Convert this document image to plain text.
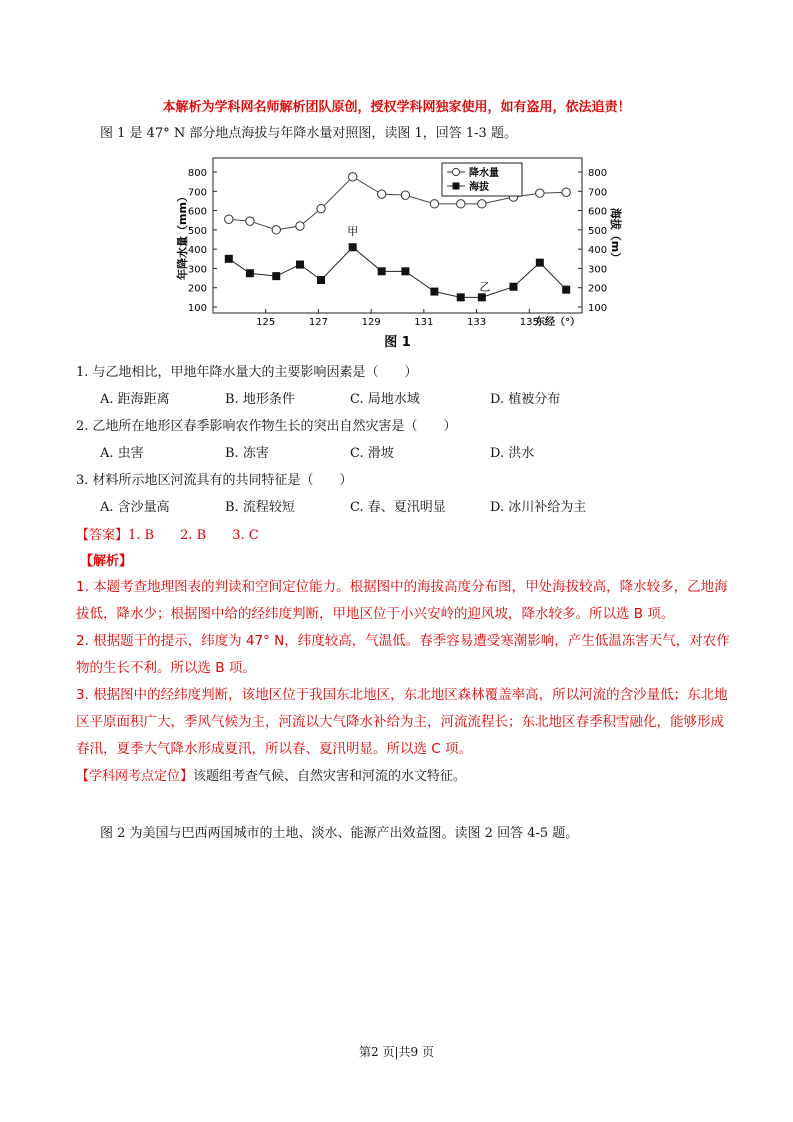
本解析为学科网名师解析团队原创，授权学科网独家使用，如有盗用，依法追责！
图 1 是 47° N 部分地点海拔与年降水量对照图，读图 1，回答 1-3 题。
100	100
200	200
300	300
400	400
500	500
600	600
700	700
800	800
125	127	129	131	133	135
东经（°）
年降水量（mm）	海拔（m）
甲
乙
降水量
海拔
图 1
1. 与乙地相比，甲地年降水量大的主要影响因素是（　　）
A. 距海距离	B. 地形条件	C. 局地水域	D. 植被分布
2. 乙地所在地形区春季影响农作物生长的突出自然灾害是（　　）
A. 虫害	B. 冻害	C. 滑坡	D. 洪水
3. 材料所示地区河流具有的共同特征是（　　）
A. 含沙量高	B. 流程较短	C. 春、夏汛明显	D. 冰川补给为主
【答案】1. B　　2. B　　3. C
【解析】
1. 本题考查地理图表的判读和空间定位能力。根据图中的海拔高度分布图，甲处海拔较高，降水较多，乙地海拔低，降水少；根据图中给的经纬度判断，甲地区位于小兴安岭的迎风坡，降水较多。所以选 B 项。
2. 根据题干的提示，纬度为 47° N，纬度较高，气温低。春季容易遭受寒潮影响，产生低温冻害天气，对农作物的生长不利。所以选 B 项。
3. 根据图中的经纬度判断，该地区位于我国东北地区，东北地区森林覆盖率高，所以河流的含沙量低；东北地区平原面积广大，季风气候为主，河流以大气降水补给为主，河流流程长；东北地区春季积雪融化，能够形成春汛，夏季大气降水形成夏汛，所以春、夏汛明显。所以选 C 项。
【学科网考点定位】该题组考查气候、自然灾害和河流的水文特征。
图 2 为美国与巴西两国城市的土地、淡水、能源产出效益图。读图 2 回答 4-5 题。
第2 页|共9 页
